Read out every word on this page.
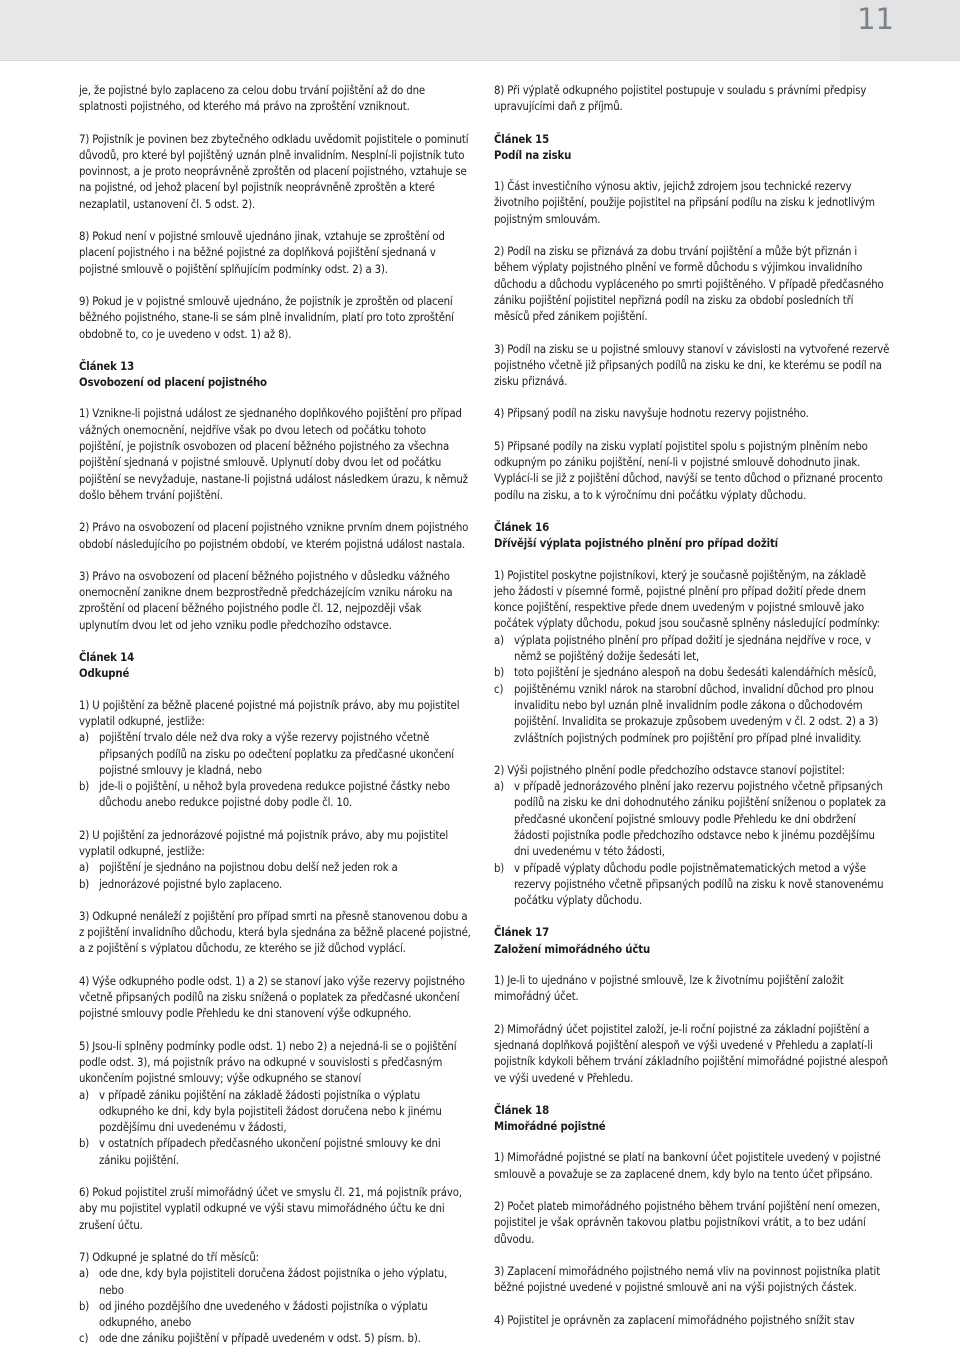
11

je, že pojistné bylo zaplaceno za celou dobu trvání pojištění až do dne splatnosti pojistného, od kterého má právo na zproštění vzniknout.

7) Pojistník je povinen bez zbytečného odkladu uvědomit pojistitele o pominutí důvodů, pro které byl pojištěný uznán plně invalidním. Nesplní-li pojistník tuto povinnost, a je proto neoprávněně zproštěn od placení pojistného, vztahuje se na pojistné, od jehož placení byl pojistník neoprávněně zproštěn a které nezaplatil, ustanovení čl. 5 odst. 2).

8) Pokud není v pojistné smlouvě ujednáno jinak, vztahuje se zproštění od placení pojistného i na běžné pojistné za doplňková pojištění sjednaná v pojistné smlouvě o pojištění splňujícím podmínky odst. 2) a 3).

9) Pokud je v pojistné smlouvě ujednáno, že pojistník je zproštěn od placení běžného pojistného, stane-li se sám plně invalidním, platí pro toto zproštění obdobně to, co je uvedeno v odst. 1) až 8).

Článek 13
Osvobození od placení pojistného

1) Vznikne-li pojistná událost ze sjednaného doplňkového pojištění pro případ vážných onemocnění, nejdříve však po dvou letech od počátku tohoto pojištění, je pojistník osvobozen od placení běžného pojistného za všechna pojištění sjednaná v pojistné smlouvě. Uplynutí doby dvou let od počátku pojištění se nevyžaduje, nastane-li pojistná událost následkem úrazu, k němuž došlo během trvání pojištění.

2) Právo na osvobození od placení pojistného vznikne prvním dnem pojistného období následujícího po pojistném období, ve kterém pojistná událost nastala.

3) Právo na osvobození od placení běžného pojistného v důsledku vážného onemocnění zanikne dnem bezprostředně předcházejícím vzniku nároku na zproštění od placení běžného pojistného podle čl. 12, nejpozději však uplynutím dvou let od jeho vzniku podle předchozího odstavce.

Článek 14
Odkupné

1) U pojištění za běžně placené pojistné má pojistník právo, aby mu pojistitel vyplatil odkupné, jestliže:

a) pojištění trvalo déle než dva roky a výše rezervy pojistného včetně připsaných podílů na zisku po odečtení poplatku za předčasné ukončení pojistné smlouvy je kladná, nebo
b) jde-li o pojištění, u něhož byla provedena redukce pojistné částky nebo důchodu anebo redukce pojistné doby podle čl. 10.

2) U pojištění za jednorázové pojistné má pojistník právo, aby mu pojistitel vyplatil odkupné, jestliže:

a) pojištění je sjednáno na pojistnou dobu delší než jeden rok a
b) jednorázové pojistné bylo zaplaceno.

3) Odkupné nenáleží z pojištění pro případ smrti na přesně stanovenou dobu a z pojištění invalidního důchodu, která byla sjednána za běžně placené pojistné, a z pojištění s výplatou důchodu, ze kterého se již důchod vyplácí.

4) Výše odkupného podle odst. 1) a 2) se stanoví jako výše rezervy pojistného včetně připsaných podílů na zisku snížená o poplatek za předčasné ukončení pojistné smlouvy podle Přehledu ke dni stanovení výše odkupného.

5) Jsou-li splněny podmínky podle odst. 1) nebo 2) a nejedná-li se o pojištění podle odst. 3), má pojistník právo na odkupné v souvislosti s předčasným ukončením pojistné smlouvy; výše odkupného se stanoví

a) v případě zániku pojištění na základě žádosti pojistníka o výplatu odkupného ke dni, kdy byla pojistiteli žádost doručena nebo k jinému pozdějšímu dni uvedenému v žádosti,
b) v ostatních případech předčasného ukončení pojistné smlouvy ke dni zániku pojištění.

6) Pokud pojistitel zruší mimořádný účet ve smyslu čl. 21, má pojistník právo, aby mu pojistitel vyplatil odkupné ve výši stavu mimořádného účtu ke dni zrušení účtu.

7) Odkupné je splatné do tří měsíců:

a) ode dne, kdy byla pojistiteli doručena žádost pojistníka o jeho výplatu, nebo
b) od jiného pozdějšího dne uvedeného v žádosti pojistníka o výplatu odkupného, anebo
c) ode dne zániku pojištění v případě uvedeném v odst. 5) písm. b).

8) Při výplatě odkupného pojistitel postupuje v souladu s právními předpisy upravujícími daň z příjmů.

Článek 15
Podíl na zisku

1) Část investičního výnosu aktiv, jejichž zdrojem jsou technické rezervy životního pojištění, použije pojistitel na připsání podílu na zisku k jednotlivým pojistným smlouvám.

2) Podíl na zisku se přiznává za dobu trvání pojištění a může být přiznán i během výplaty pojistného plnění ve formě důchodu s výjimkou invalidního důchodu a důchodu vypláceného po smrti pojištěného. V případě předčasného zániku pojištění pojistitel nepřizná podíl na zisku za období posledních tří měsíců před zánikem pojištění.

3) Podíl na zisku se u pojistné smlouvy stanoví v závislosti na vytvořené rezervě pojistného včetně již připsaných podílů na zisku ke dni, ke kterému se podíl na zisku přiznává.

4) Připsaný podíl na zisku navyšuje hodnotu rezervy pojistného.

5) Připsané podíly na zisku vyplatí pojistitel spolu s pojistným plněním nebo odkupným po zániku pojištění, není-li v pojistné smlouvě dohodnuto jinak. Vyplácí-li se již z pojištění důchod, navýší se tento důchod o přiznané procento podílu na zisku, a to k výročnímu dni počátku výplaty důchodu.

Článek 16
Dřívější výplata pojistného plnění pro případ dožití

1) Pojistitel poskytne pojistníkovi, který je současně pojištěným, na základě jeho žádosti v písemné formě, pojistné plnění pro případ dožití přede dnem konce pojištění, respektive přede dnem uvedeným v pojistné smlouvě jako počátek výplaty důchodu, pokud jsou současně splněny následující podmínky:

a) výplata pojistného plnění pro případ dožití je sjednána nejdříve v roce, v němž se pojištěný dožije šedesáti let,
b) toto pojištění je sjednáno alespoň na dobu šedesáti kalendářních měsíců,
c) pojištěnému vznikl nárok na starobní důchod, invalidní důchod pro plnou invaliditu nebo byl uznán plně invalidním podle zákona o důchodovém pojištění. Invalidita se prokazuje způsobem uvedeným v čl. 2 odst. 2) a 3) zvláštních pojistných podmínek pro pojištění pro případ plné invalidity.

2) Výši pojistného plnění podle předchozího odstavce stanoví pojistitel:

a) v případě jednorázového plnění jako rezervu pojistného včetně připsaných podílů na zisku ke dni dohodnutého zániku pojištění sníženou o poplatek za předčasné ukončení pojistné smlouvy podle Přehledu ke dni obdržení žádosti pojistníka podle předchozího odstavce nebo k jinému pozdějšímu dni uvedenému v této žádosti,
b) v případě výplaty důchodu podle pojistněmatematických metod a výše rezervy pojistného včetně připsaných podílů na zisku k nově stanovenému počátku výplaty důchodu.
Článek 17
Založení mimořádného účtu

1) Je-li to ujednáno v pojistné smlouvě, lze k životnímu pojištění založit mimořádný účet.

2) Mimořádný účet pojistitel založí, je-li roční pojistné za základní pojištění a sjednaná doplňková pojištění alespoň ve výši uvedené v Přehledu a zaplatí-li pojistník kdykoli během trvání základního pojištění mimořádné pojistné alespoň ve výši uvedené v Přehledu.

Článek 18
Mimořádné pojistné

1) Mimořádné pojistné se platí na bankovní účet pojistitele uvedený v pojistné smlouvě a považuje se za zaplacené dnem, kdy bylo na tento účet připsáno.

2) Počet plateb mimořádného pojistného během trvání pojištění není omezen, pojistitel je však oprávněn takovou platbu pojistníkovi vrátit, a to bez udání důvodu.

3) Zaplacení mimořádného pojistného nemá vliv na povinnost pojistníka platit běžné pojistné uvedené v pojistné smlouvě ani na výši pojistných částek.

4) Pojistitel je oprávněn za zaplacení mimořádného pojistného snížit stav
